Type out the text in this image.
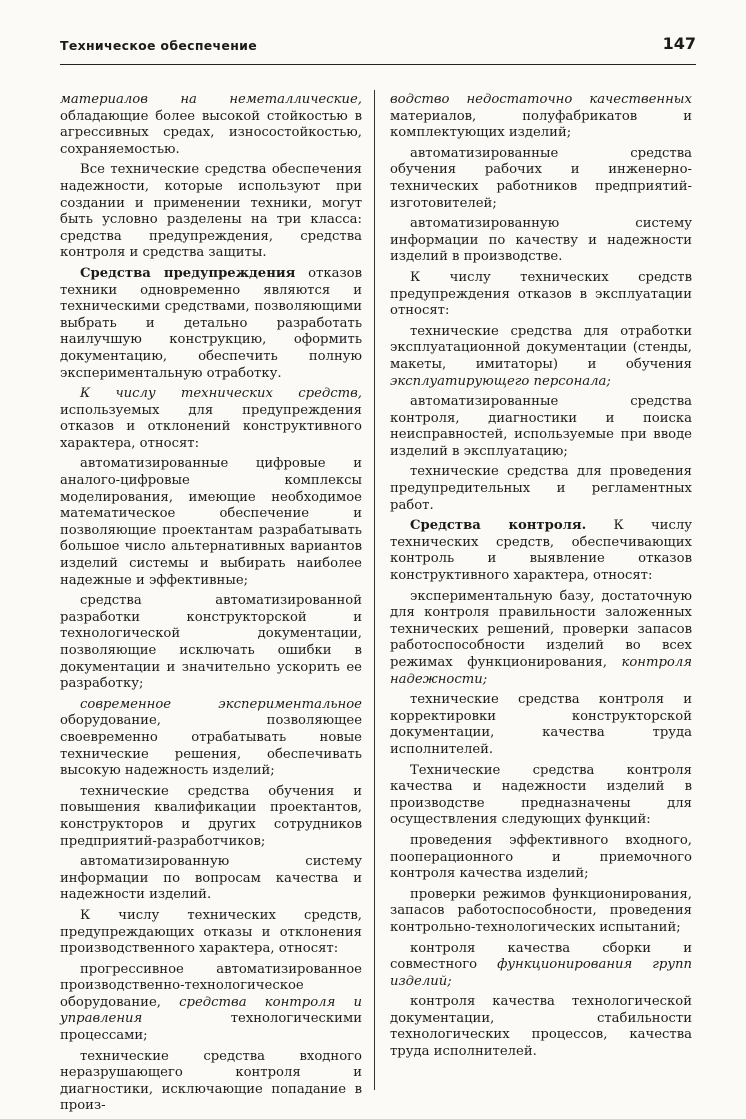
Техническое обеспечение	147

материалов на неметаллические, обладающие более высокой стойкостью в агрессивных средах, износостойкостью, сохраняемостью.

Все технические средства обеспечения надежности, которые используют при создании и применении техники, могут быть условно разделены на три класса: средства предупреждения, средства контроля и средства защиты.

Средства предупреждения отказов техники одновременно являются и техническими средствами, позволяющими выбрать и детально разработать наилучшую конструкцию, оформить документацию, обеспечить полную экспериментальную отработку.

К числу технических средств, используемых для предупреждения отказов и отклонений конструктивного характера, относят:

автоматизированные цифровые и аналого-цифровые комплексы моделирования, имеющие необходимое математическое обеспечение и позволяющие проектантам разрабатывать большое число альтернативных вариантов изделий системы и выбирать наиболее надежные и эффективные;

средства автоматизированной разработки конструкторской и технологической документации, позволяющие исключать ошибки в документации и значительно ускорить ее разработку;

современное экспериментальное оборудование, позволяющее своевременно отрабатывать новые технические решения, обеспечивать высокую надежность изделий;

технические средства обучения и повышения квалификации проектантов, конструкторов и других сотрудников предприятий-разработчиков;

автоматизированную систему информации по вопросам качества и надежности изделий.

К числу технических средств, предупреждающих отказы и отклонения производственного характера, относят:

прогрессивное автоматизированное производственно-технологическое оборудование, средства контроля и управления технологическими процессами;

технические средства входного неразрушающего контроля и диагностики, исключающие попадание в произ-

водство недостаточно качественных материалов, полуфабрикатов и комплектующих изделий;

автоматизированные средства обучения рабочих и инженерно-технических работников предприятий-изготовителей;

автоматизированную систему информации по качеству и надежности изделий в производстве.

К числу технических средств предупреждения отказов в эксплуатации относят:

технические средства для отработки эксплуатационной документации (стенды, макеты, имитаторы) и обучения эксплуатирующего персонала;

автоматизированные средства контроля, диагностики и поиска неисправностей, используемые при вводе изделий в эксплуатацию;

технические средства для проведения предупредительных и регламентных работ.

Средства контроля. К числу технических средств, обеспечивающих контроль и выявление отказов конструктивного характера, относят:

экспериментальную базу, достаточную для контроля правильности заложенных технических решений, проверки запасов работоспособности изделий во всех режимах функционирования, контроля надежности;

технические средства контроля и корректировки конструкторской документации, качества труда исполнителей.

Технические средства контроля качества и надежности изделий в производстве предназначены для осуществления следующих функций:

проведения эффективного входного, пооперационного и приемочного контроля качества изделий;

проверки режимов функционирования, запасов работоспособности, проведения контрольно-технологических испытаний;

контроля качества сборки и совместного функционирования групп изделий;

контроля качества технологической документации, стабильности технологических процессов, качества труда исполнителей.
